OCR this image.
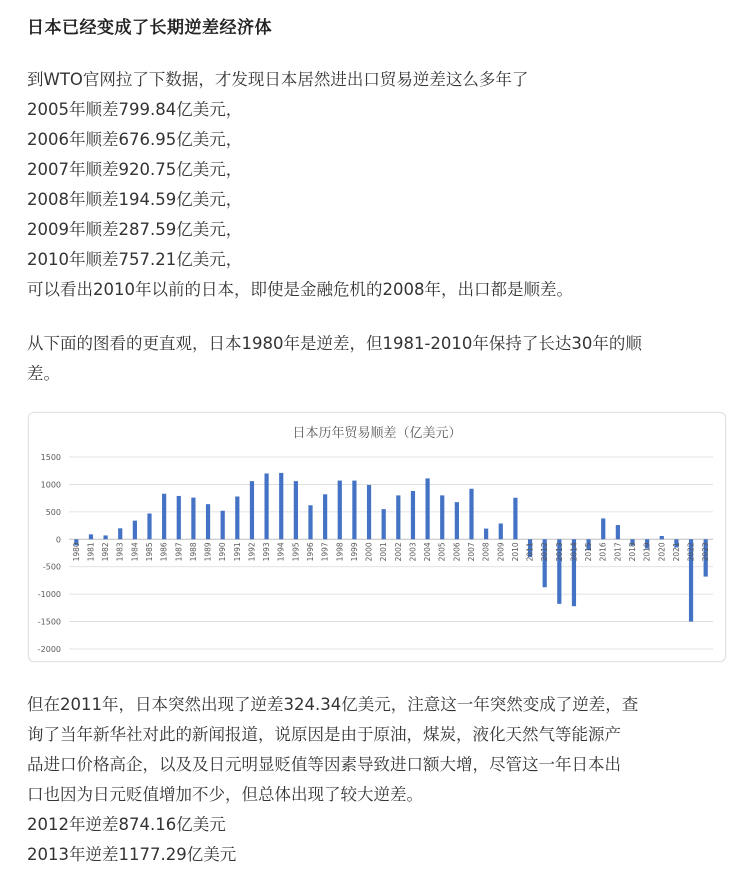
日本已经变成了长期逆差经济体
到WTO官网拉了下数据，才发现日本居然进出口贸易逆差这么多年了
2005年顺差799.84亿美元，
2006年顺差676.95亿美元，
2007年顺差920.75亿美元，
2008年顺差194.59亿美元，
2009年顺差287.59亿美元，
2010年顺差757.21亿美元，
可以看出2010年以前的日本，即使是金融危机的2008年，出口都是顺差。
从下面的图看的更直观，日本1980年是逆差，但1981-2010年保持了长达30年的顺
差。
日本历年贸易顺差（亿美元）
1500
1000
500
0
-500
-1000
-1500
-2000
1980 1981 1982 1983 1984 1985 1986 1987 1988 1989 1990 1991 1992 1993 1994 1995 1996 1997 1998 1999 2000 2001 2002 2003 2004 2005 2006 2007 2008 2009 2010 2011 2012 2013 2014 2015 2016 2017 2018 2019 2020 2021 2022 2023
但在2011年，日本突然出现了逆差324.34亿美元，注意这一年突然变成了逆差，查
询了当年新华社对此的新闻报道，说原因是由于原油，煤炭，液化天然气等能源产
品进口价格高企，以及及日元明显贬值等因素导致进口额大增，尽管这一年日本出
口也因为日元贬值增加不少，但总体出现了较大逆差。
2012年逆差874.16亿美元
2013年逆差1177.29亿美元
